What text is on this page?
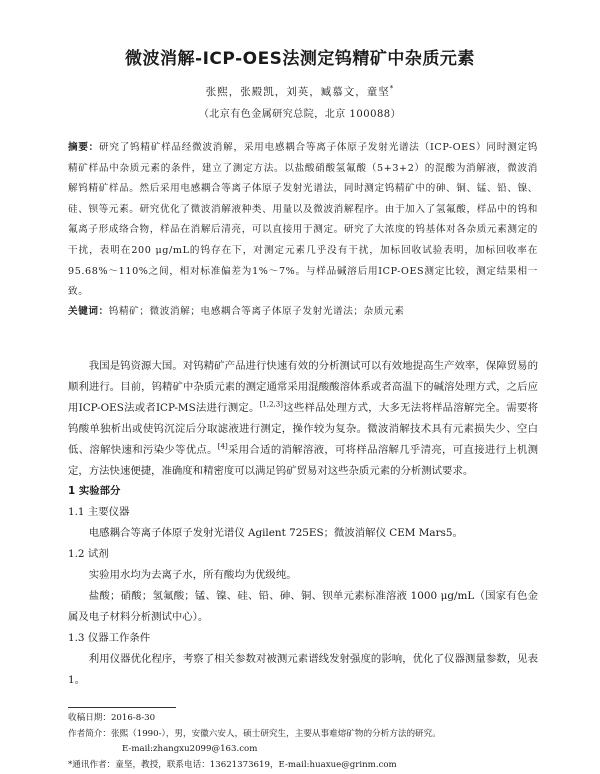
微波消解-ICP-OES法测定钨精矿中杂质元素
张熙，张殿凯，刘英，臧慕文，童坚*
（北京有色金属研究总院，北京 100088）
摘要：研究了钨精矿样品经微波消解，采用电感耦合等离子体原子发射光谱法（ICP-OES）同时测定钨精矿样品中杂质元素的条件，建立了测定方法。以盐酸硝酸氢氟酸（5+3+2）的混酸为消解液，微波消解钨精矿样品。然后采用电感耦合等离子体原子发射光谱法，同时测定钨精矿中的砷、铜、锰、铅、镍、硅、钡等元素。研究优化了微波消解液种类、用量以及微波消解程序。由于加入了氢氟酸，样品中的钨和氟离子形成络合物，样品在消解后清亮，可以直接用于测定。研究了大浓度的钨基体对各杂质元素测定的干扰，表明在200 μg/mL的钨存在下，对测定元素几乎没有干扰，加标回收试验表明，加标回收率在95.68%～110%之间，相对标准偏差为1%～7%。与样品碱溶后用ICP-OES测定比较，测定结果相一致。
关键词：钨精矿；微波消解；电感耦合等离子体原子发射光谱法；杂质元素

我国是钨资源大国。对钨精矿产品进行快速有效的分析测试可以有效地提高生产效率，保障贸易的顺利进行。目前，钨精矿中杂质元素的测定通常采用混酸酸溶体系或者高温下的碱溶处理方式，之后应用ICP-OES法或者ICP-MS法进行测定。[1,2,3]这些样品处理方式，大多无法将样品溶解完全。需要将钨酸单独析出或使钨沉淀后分取滤液进行测定，操作较为复杂。微波消解技术具有元素损失少、空白低、溶解快速和污染少等优点。[4]采用合适的消解溶液，可将样品溶解几乎清亮，可直接进行上机测定，方法快速便捷，准确度和精密度可以满足钨矿贸易对这些杂质元素的分析测试要求。

1 实验部分

1.1 主要仪器

电感耦合等离子体原子发射光谱仪 Agilent 725ES；微波消解仪 CEM Mars5。

1.2 试剂

实验用水均为去离子水，所有酸均为优级纯。

盐酸；硝酸；氢氟酸；锰、镍、硅、铅、砷、铜、钡单元素标准溶液 1000 μg/mL（国家有色金属及电子材料分析测试中心）。

1.3 仪器工作条件

利用仪器优化程序，考察了相关参数对被测元素谱线发射强度的影响，优化了仪器测量参数，见表1。

收稿日期：2016-8-30
作者简介：张熙（1990-），男，安徽六安人，硕士研究生，主要从事难熔矿物的分析方法的研究。
E-mail:zhangxu2099@163.com
*通讯作者：童坚，教授，联系电话：13621373619，E-mail:huaxue@grinm.com
